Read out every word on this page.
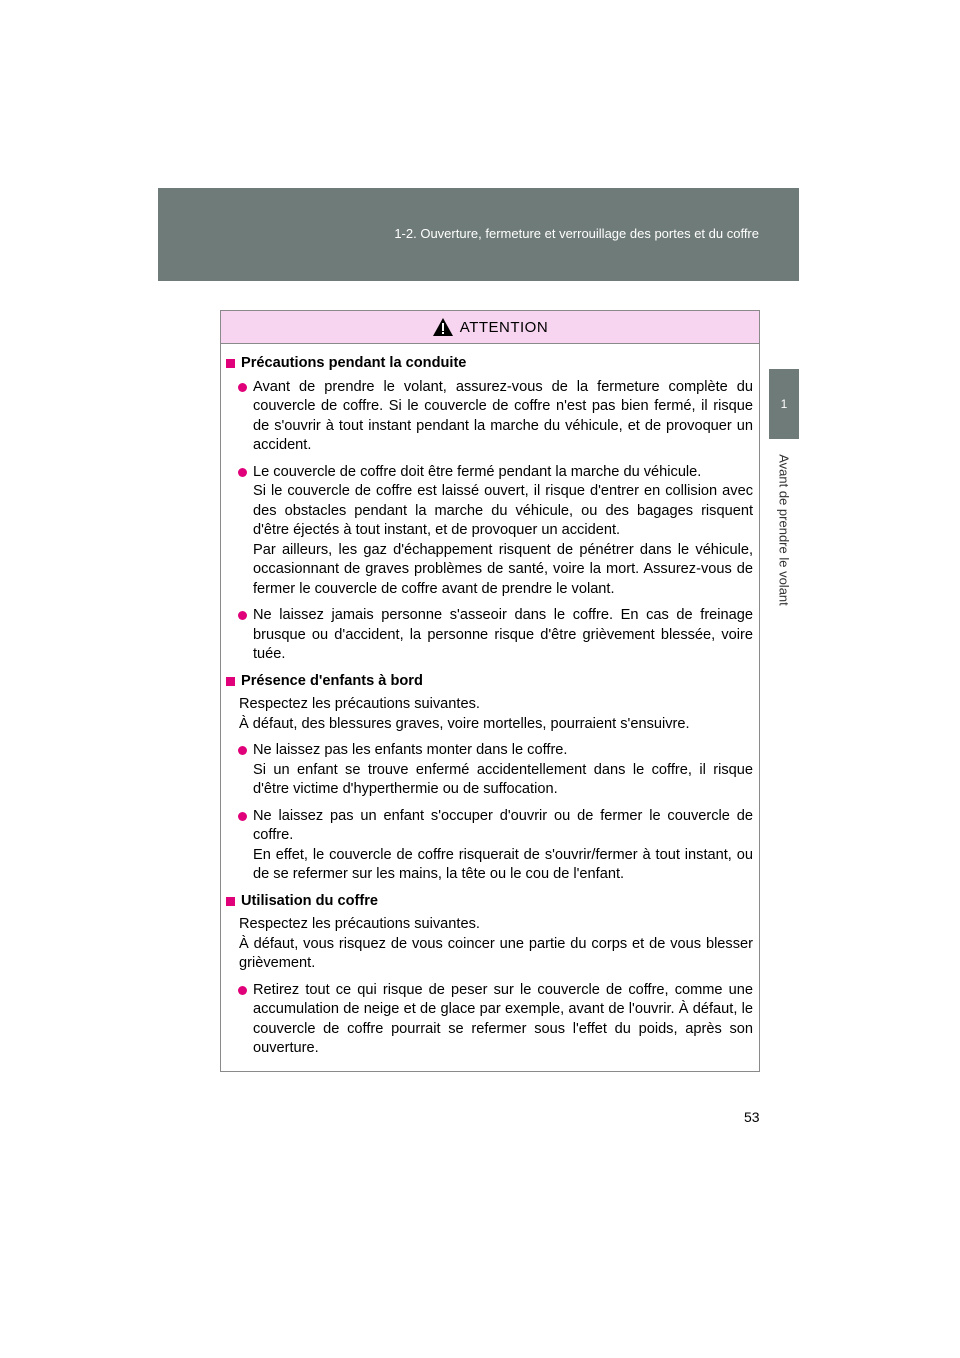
1-2. Ouverture, fermeture et verrouillage des portes et du coffre
1
Avant de prendre le volant
ATTENTION
Précautions pendant la conduite

Avant de prendre le volant, assurez-vous de la fermeture complète du couvercle de coffre. Si le couvercle de coffre n'est pas bien fermé, il risque de s'ouvrir à tout instant pendant la marche du véhicule, et de provoquer un accident.

Le couvercle de coffre doit être fermé pendant la marche du véhicule.

Si le couvercle de coffre est laissé ouvert, il risque d'entrer en collision avec des obstacles pendant la marche du véhicule, ou des bagages risquent d'être éjectés à tout instant, et de provoquer un accident.

Par ailleurs, les gaz d'échappement risquent de pénétrer dans le véhicule, occasionnant de graves problèmes de santé, voire la mort. Assurez-vous de fermer le couvercle de coffre avant de prendre le volant.

Ne laissez jamais personne s'asseoir dans le coffre. En cas de freinage brusque ou d'accident, la personne risque d'être grièvement blessée, voire tuée.

Présence d'enfants à bord

Respectez les précautions suivantes.

À défaut, des blessures graves, voire mortelles, pourraient s'ensuivre.

Ne laissez pas les enfants monter dans le coffre.

Si un enfant se trouve enfermé accidentellement dans le coffre, il risque d'être victime d'hyperthermie ou de suffocation.

Ne laissez pas un enfant s'occuper d'ouvrir ou de fermer le couvercle de coffre.

En effet, le couvercle de coffre risquerait de s'ouvrir/fermer à tout instant, ou de se refermer sur les mains, la tête ou le cou de l'enfant.

Utilisation du coffre

Respectez les précautions suivantes.

À défaut, vous risquez de vous coincer une partie du corps et de vous blesser grièvement.

Retirez tout ce qui risque de peser sur le couvercle de coffre, comme une accumulation de neige et de glace par exemple, avant de l'ouvrir. À défaut, le couvercle de coffre pourrait se refermer sous l'effet du poids, après son ouverture.

53
